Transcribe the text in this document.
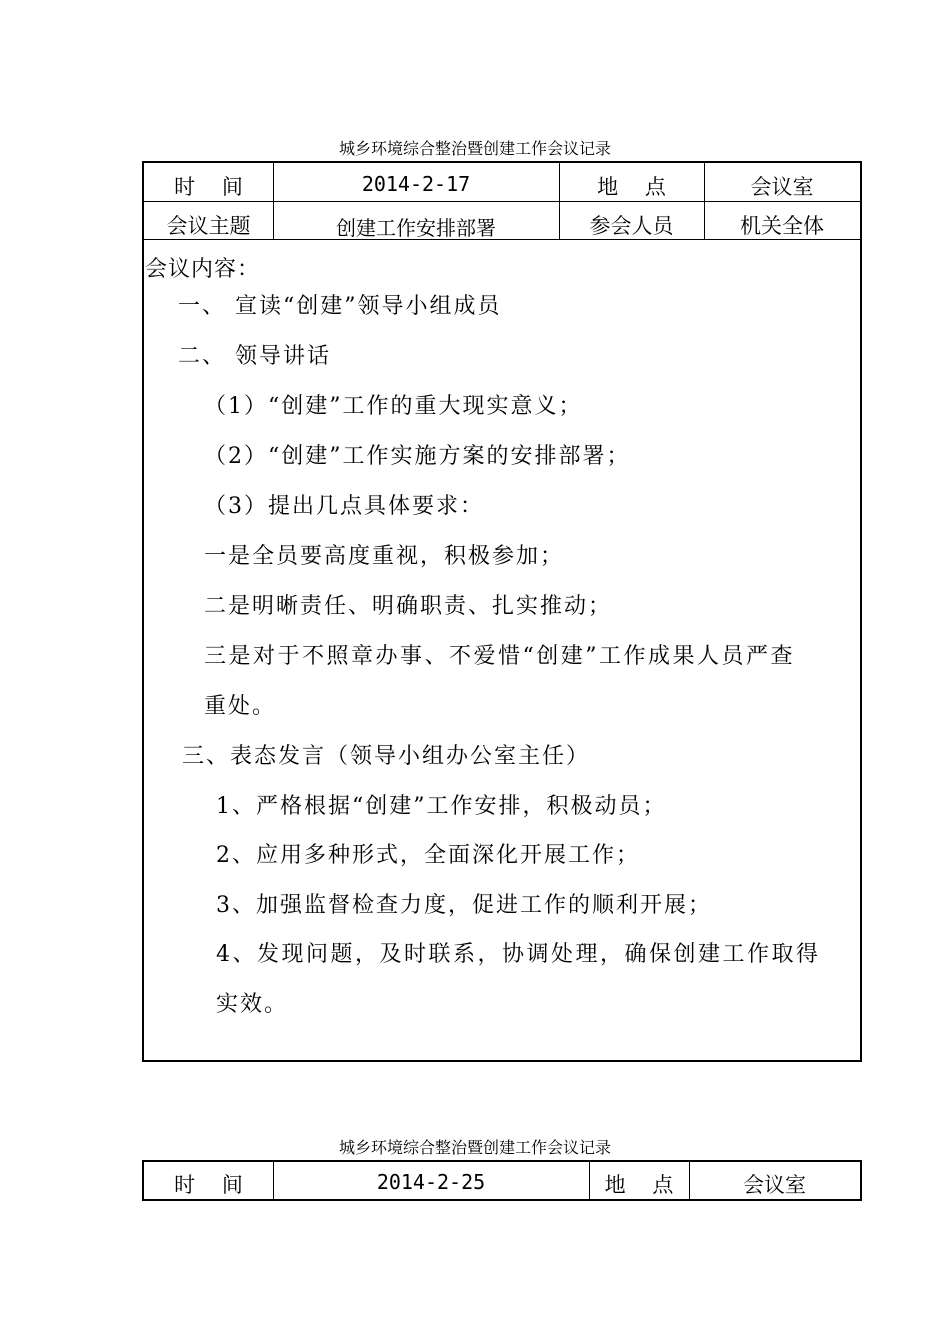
城乡环境综合整治暨创建工作会议记录
时    间	2014-2-17	地    点	会议室
会议主题	创建工作安排部署	参会人员	机关全体
会议内容：
一、 宣读“创建”领导小组成员
二、 领导讲话
（1）“创建”工作的重大现实意义；
（2）“创建”工作实施方案的安排部署；
（3）提出几点具体要求：
一是全员要高度重视，积极参加；
二是明晰责任、明确职责、扎实推动；
三是对于不照章办事、不爱惜“创建”工作成果人员严查
重处。
三、表态发言（领导小组办公室主任）
1、严格根据“创建”工作安排，积极动员；
2、应用多种形式，全面深化开展工作；
3、加强监督检查力度，促进工作的顺利开展；
4、发现问题，及时联系，协调处理，确保创建工作取得
实效。
城乡环境综合整治暨创建工作会议记录
时    间	2014-2-25	地    点	会议室
